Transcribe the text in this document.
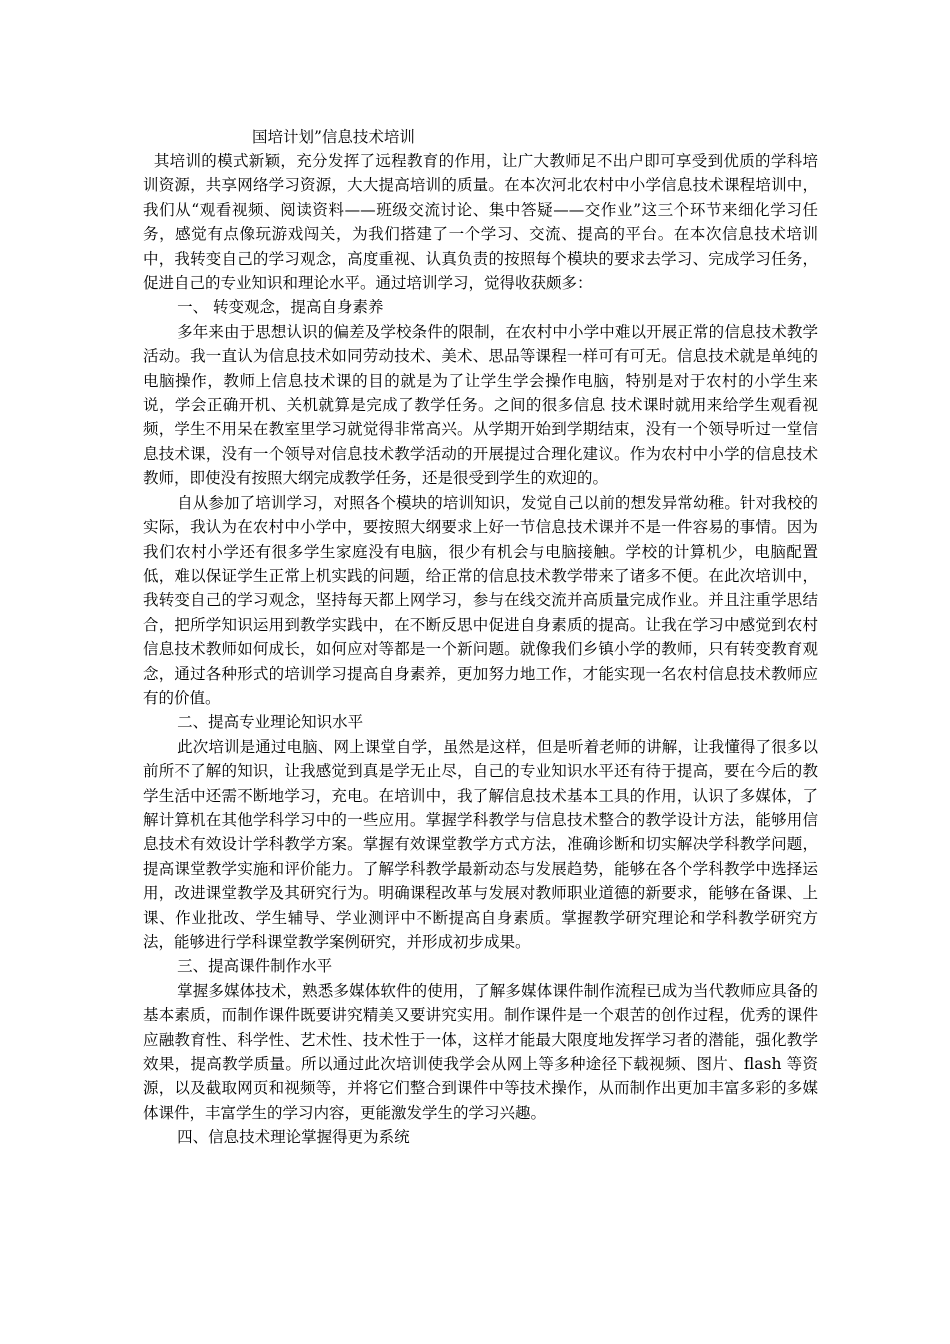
国培计划”信息技术培训

其培训的模式新颖，充分发挥了远程教育的作用，让广大教师足不出户即可享受到优质的学科培训资源，共享网络学习资源，大大提高培训的质量。在本次河北农村中小学信息技术课程培训中，我们从“观看视频、阅读资料——班级交流讨论、集中答疑——交作业”这三个环节来细化学习任务，感觉有点像玩游戏闯关，为我们搭建了一个学习、交流、提高的平台。在本次信息技术培训中，我转变自己的学习观念，高度重视、认真负责的按照每个模块的要求去学习、完成学习任务，促进自己的专业知识和理论水平。通过培训学习，觉得收获颇多：

一、 转变观念，提高自身素养

多年来由于思想认识的偏差及学校条件的限制，在农村中小学中难以开展正常的信息技术教学活动。我一直认为信息技术如同劳动技术、美术、思品等课程一样可有可无。信息技术就是单纯的电脑操作，教师上信息技术课的目的就是为了让学生学会操作电脑，特别是对于农村的小学生来说，学会正确开机、关机就算是完成了教学任务。之间的很多信息 技术课时就用来给学生观看视频，学生不用呆在教室里学习就觉得非常高兴。从学期开始到学期结束，没有一个领导听过一堂信息技术课，没有一个领导对信息技术教学活动的开展提过合理化建议。作为农村中小学的信息技术教师，即使没有按照大纲完成教学任务，还是很受到学生的欢迎的。

自从参加了培训学习，对照各个模块的培训知识，发觉自己以前的想发异常幼稚。针对我校的实际，我认为在农村中小学中，要按照大纲要求上好一节信息技术课并不是一件容易的事情。因为我们农村小学还有很多学生家庭没有电脑，很少有机会与电脑接触。学校的计算机少，电脑配置低，难以保证学生正常上机实践的问题，给正常的信息技术教学带来了诸多不便。在此次培训中，我转变自己的学习观念，坚持每天都上网学习，参与在线交流并高质量完成作业。并且注重学思结合，把所学知识运用到教学实践中，在不断反思中促进自身素质的提高。让我在学习中感觉到农村信息技术教师如何成长，如何应对等都是一个新问题。就像我们乡镇小学的教师，只有转变教育观念，通过各种形式的培训学习提高自身素养，更加努力地工作，才能实现一名农村信息技术教师应有的价值。

二、提高专业理论知识水平

此次培训是通过电脑、网上课堂自学，虽然是这样，但是听着老师的讲解，让我懂得了很多以前所不了解的知识，让我感觉到真是学无止尽，自己的专业知识水平还有待于提高，要在今后的教学生活中还需不断地学习，充电。在培训中，我了解信息技术基本工具的作用，认识了多媒体，了解计算机在其他学科学习中的一些应用。掌握学科教学与信息技术整合的教学设计方法，能够用信息技术有效设计学科教学方案。掌握有效课堂教学方式方法，准确诊断和切实解决学科教学问题，提高课堂教学实施和评价能力。了解学科教学最新动态与发展趋势，能够在各个学科教学中选择运用，改进课堂教学及其研究行为。明确课程改革与发展对教师职业道德的新要求，能够在备课、上课、作业批改、学生辅导、学业测评中不断提高自身素质。掌握教学研究理论和学科教学研究方法，能够进行学科课堂教学案例研究，并形成初步成果。

三、提高课件制作水平

掌握多媒体技术，熟悉多媒体软件的使用，了解多媒体课件制作流程已成为当代教师应具备的基本素质，而制作课件既要讲究精美又要讲究实用。制作课件是一个艰苦的创作过程，优秀的课件应融教育性、科学性、艺术性、技术性于一体，这样才能最大限度地发挥学习者的潜能，强化教学效果，提高教学质量。所以通过此次培训使我学会从网上等多种途径下载视频、图片、flash 等资源，以及截取网页和视频等，并将它们整合到课件中等技术操作，从而制作出更加丰富多彩的多媒体课件，丰富学生的学习内容，更能激发学生的学习兴趣。

四、信息技术理论掌握得更为系统
